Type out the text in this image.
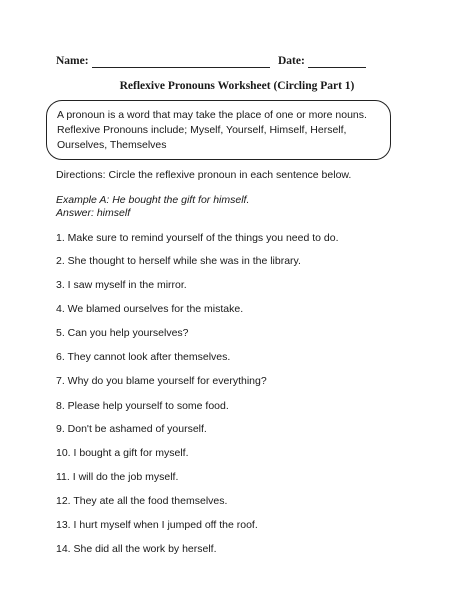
Name:	Date:
Reflexive Pronouns Worksheet (Circling Part 1)
A pronoun is a word that may take the place of one or more nouns.
Reflexive Pronouns include; Myself, Yourself, Himself, Herself,
Ourselves, Themselves
Directions: Circle the reflexive pronoun in each sentence below.
Example A: He bought the gift for himself.
Answer: himself
1. Make sure to remind yourself of the things you need to do.
2. She thought to herself while she was in the library.
3. I saw myself in the mirror.
4. We blamed ourselves for the mistake.
5. Can you help yourselves?
6. They cannot look after themselves.
7. Why do you blame yourself for everything?
8. Please help yourself to some food.
9. Don't be ashamed of yourself.
10. I bought a gift for myself.
11. I will do the job myself.
12. They ate all the food themselves.
13. I hurt myself when I jumped off the roof.
14. She did all the work by herself.
